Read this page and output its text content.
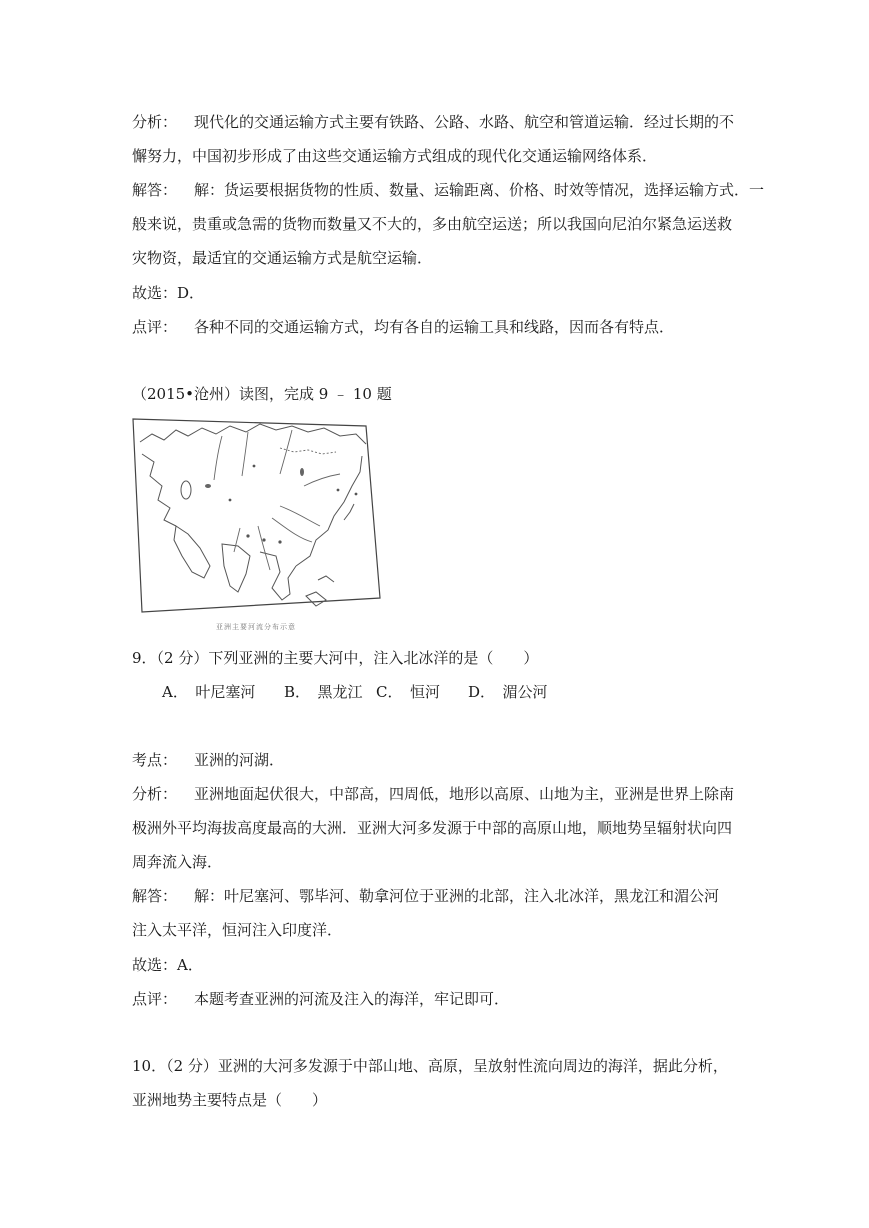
分析： 现代化的交通运输方式主要有铁路、公路、水路、航空和管道运输．经过长期的不
懈努力，中国初步形成了由这些交通运输方式组成的现代化交通运输网络体系．
解答： 解：货运要根据货物的性质、数量、运输距离、价格、时效等情况，选择运输方式．一
般来说，贵重或急需的货物而数量又不大的，多由航空运送；所以我国向尼泊尔紧急运送救
灾物资，最适宜的交通运输方式是航空运输．
故选：D．
点评： 各种不同的交通运输方式，均有各自的运输工具和线路，因而各有特点．
（2015•沧州）读图，完成 9 ﹣ 10 题
亚洲主要河流分布示意
9．（2 分）下列亚洲的主要大河中，注入北冰洋的是（　　）
A．　叶尼塞河 B．　黑龙江 C．　恒河 D．　湄公河
考点： 亚洲的河湖．
分析： 亚洲地面起伏很大，中部高，四周低，地形以高原、山地为主，亚洲是世界上除南
极洲外平均海拔高度最高的大洲．亚洲大河多发源于中部的高原山地，顺地势呈辐射状向四
周奔流入海．
解答： 解：叶尼塞河、鄂毕河、勒拿河位于亚洲的北部，注入北冰洋，黑龙江和湄公河
注入太平洋，恒河注入印度洋．
故选：A．
点评： 本题考查亚洲的河流及注入的海洋，牢记即可．
10．（2 分）亚洲的大河多发源于中部山地、高原，呈放射性流向周边的海洋，据此分析，
亚洲地势主要特点是（　　）
